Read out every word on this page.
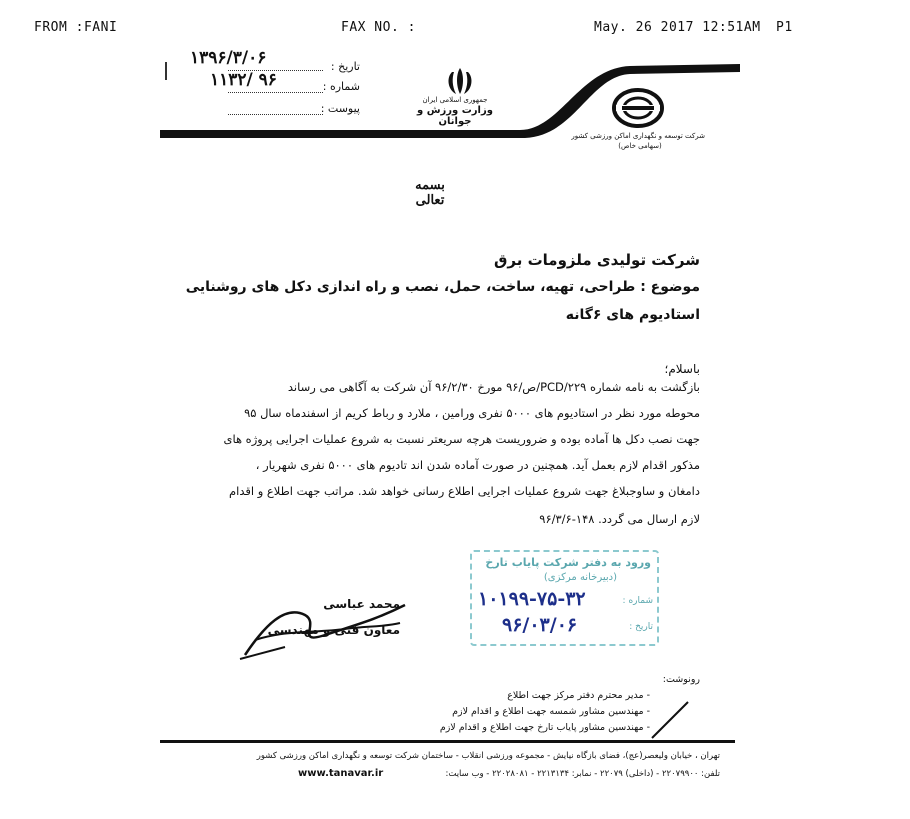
FROM :FANI	FAX NO. :	May. 26 2017 12:51AM P1
۱۳۹۶/۳/۰۶	تاریخ :
۱۱۳۲/ ۹۶	شماره :
پیوست :
جمهوری اسلامی ایران
وزارت ورزش و جوانان
شرکت توسعه و نگهداری اماکن ورزشی کشور
(سهامی خاص)
بسمه تعالی
شرکت تولیدی ملزومات برق
موضوع : طراحی، تهیه، ساخت، حمل، نصب و راه اندازی دکل های روشنایی
استادیوم های ۶گانه
باسلام؛
بازگشت به نامه شماره PCD/۲۲۹/ص/۹۶ مورخ ۹۶/۲/۳۰ آن شرکت به آگاهی می رساند
محوطه مورد نظر در استادیوم های ۵۰۰۰ نفری ورامین ، ملارد و رباط کریم از اسفندماه سال ۹۵
جهت نصب دکل ها آماده بوده و ضروریست هرچه سریعتر نسبت به شروع عملیات اجرایی پروژه های
مذکور اقدام لازم بعمل آید. همچنین در صورت آماده شدن اند تادیوم های ۵۰۰۰ نفری شهریار ،
دامغان و ساوجبلاغ جهت شروع عملیات اجرایی اطلاع رسانی خواهد شد. مراتب جهت اطلاع و اقدام
لازم ارسال می گردد. ۱۴۸-۹۶/۳/۶
ورود به دفتر شرکت پایاب تارخ
(دبیرخانه مرکزی)
شماره :
۱۰۱۹۹-۷۵-۳۲
تاریخ :
۹۶/۰۳/۰۶
محمد عباسی
معاون فنی و مهندسی
رونوشت:
- مدیر محترم دفتر مرکز جهت اطلاع
- مهندسین مشاور شمسه جهت اطلاع و اقدام لازم
- مهندسین مشاور پایاب تارخ جهت اطلاع و اقدام لازم
تهران ، خیابان ولیعصر(عج)، فضای بازگاه نیایش - مجموعه ورزشی انقلاب - ساختمان شرکت توسعه و نگهداری اماکن ورزشی کشور
تلفن: ۲۲۰۷۹۹۰۰ - (داخلی) ۲۲۰۷۹ - نمابر: ۲۲۱۳۱۳۴ - ۲۲۰۲۸۰۸۱ - وب سایت:
www.tanavar.ir
